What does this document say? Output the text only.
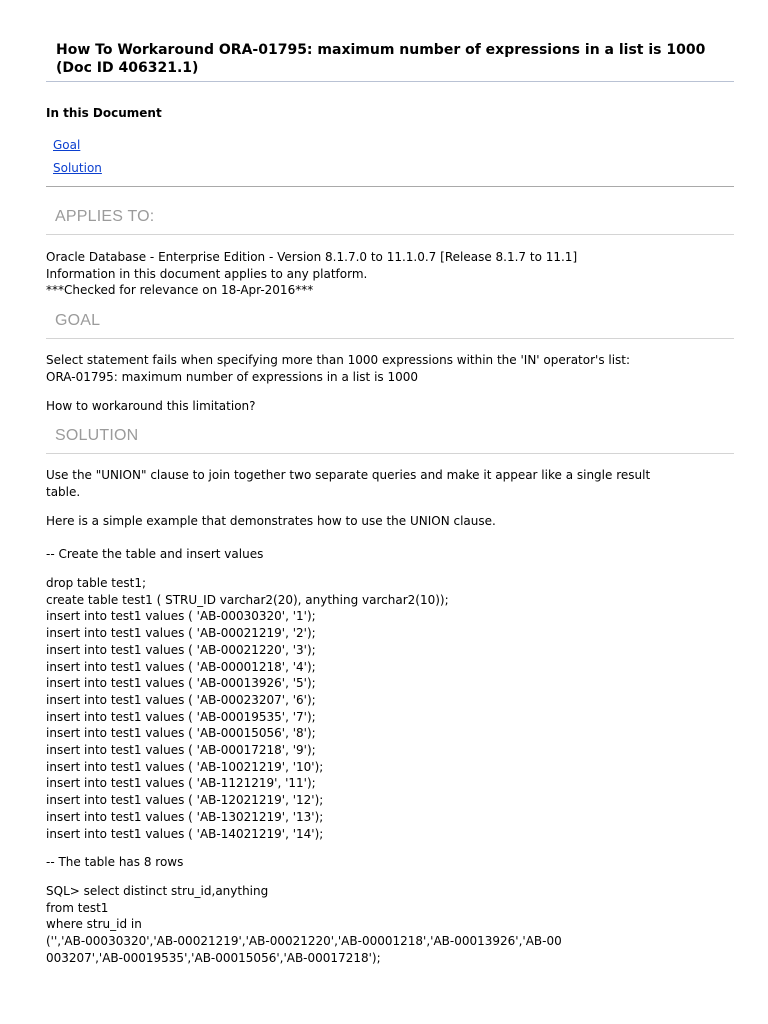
How To Workaround ORA-01795: maximum number of expressions in a list is 1000 (Doc ID 406321.1)
In this Document
Goal
Solution
APPLIES TO:
Oracle Database - Enterprise Edition - Version 8.1.7.0 to 11.1.0.7 [Release 8.1.7 to 11.1]
Information in this document applies to any platform.
***Checked for relevance on 18-Apr-2016***
GOAL
Select statement fails when specifying more than 1000 expressions within the 'IN' operator's list:
ORA-01795: maximum number of expressions in a list is 1000
How to workaround this limitation?
SOLUTION
Use the "UNION" clause to join together two separate queries and make it appear like a single result
table.
Here is a simple example that demonstrates how to use the UNION clause.
-- Create the table and insert values
drop table test1;
create table test1 ( STRU_ID varchar2(20), anything varchar2(10));
insert into test1 values ( 'AB-00030320', '1');
insert into test1 values ( 'AB-00021219', '2');
insert into test1 values ( 'AB-00021220', '3');
insert into test1 values ( 'AB-00001218', '4');
insert into test1 values ( 'AB-00013926', '5');
insert into test1 values ( 'AB-00023207', '6');
insert into test1 values ( 'AB-00019535', '7');
insert into test1 values ( 'AB-00015056', '8');
insert into test1 values ( 'AB-00017218', '9');
insert into test1 values ( 'AB-10021219', '10');
insert into test1 values ( 'AB-1121219', '11');
insert into test1 values ( 'AB-12021219', '12');
insert into test1 values ( 'AB-13021219', '13');
insert into test1 values ( 'AB-14021219', '14');
-- The table has 8 rows
SQL> select distinct stru_id,anything
from test1
where stru_id in
('','AB-00030320','AB-00021219','AB-00021220','AB-00001218','AB-00013926','AB-00
003207','AB-00019535','AB-00015056','AB-00017218');
